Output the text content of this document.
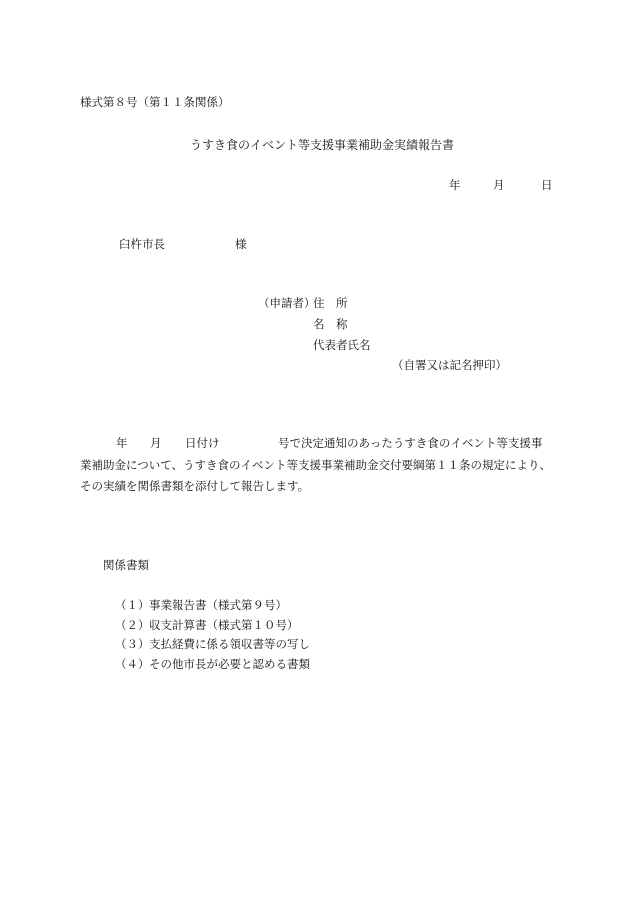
様式第８号（第１１条関係）
うすき食のイベント等支援事業補助金実績報告書
年	月	日
臼杵市長	様
（申請者）
住　所
名　称
代表者氏名
（自署又は記名押印）
年 月 日付け	号で決定通知のあったうすき食のイベント等支援事
業補助金について、うすき食のイベント等支援事業補助金交付要綱第１１条の規定により、
その実績を関係書類を添付して報告します。
関係書類
（１） 事業報告書（様式第９号）
（２） 収支計算書（様式第１０号）
（３） 支払経費に係る領収書等の写し
（４） その他市長が必要と認める書類
